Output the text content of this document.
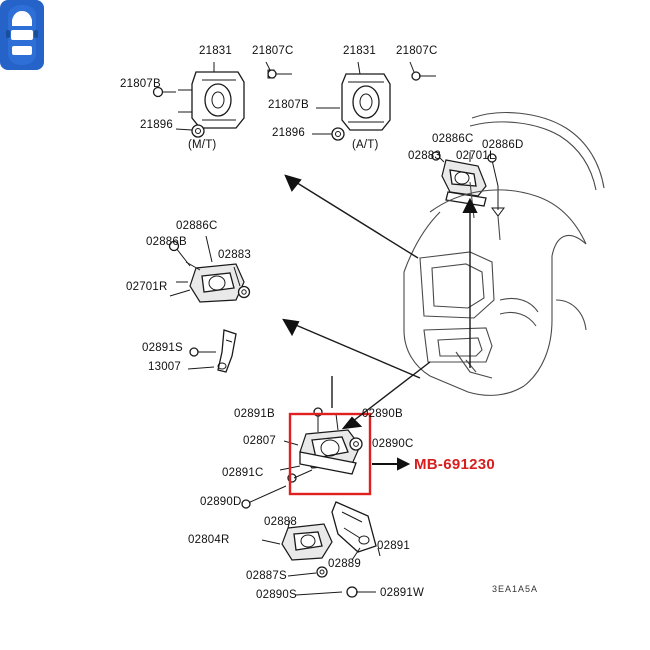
21831 21807C	21831 21807C
21807B
21807B
21896
21896
(M/T)	(A/T)	02886C
02883 02701L
02886D
02886C
02886B
02883
02701R
02891S
13007
02891B	02890B
02807	02890C
02891C
02890D
02888
02804R	02891
02887S
02889
02890S	02891W
MB-691230
3EA1A5A
